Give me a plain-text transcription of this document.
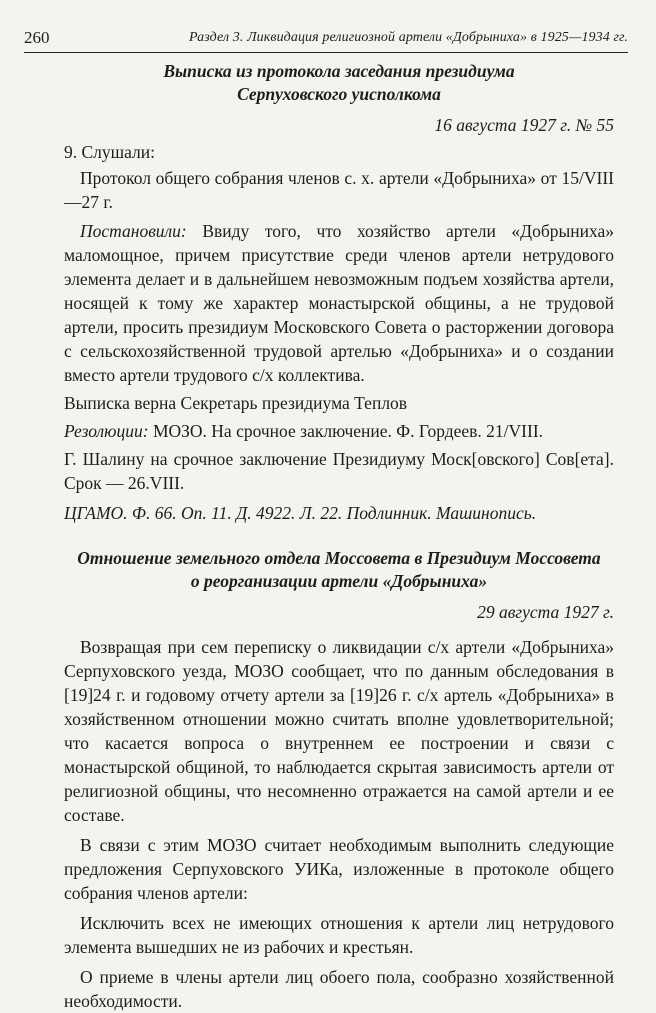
260	Раздел 3. Ликвидация религиозной артели «Добрыниха» в 1925—1934 гг.
Выписка из протокола заседания президиума
Серпуховского уисполкома
16 августа 1927 г. № 55

9. Слушали:

Протокол общего собрания членов с. х. артели «Добрыниха» от 15/VIII—27 г.

Постановили: Ввиду того, что хозяйство артели «Добрыниха» маломощное, причем присутствие среди членов артели нетрудового элемента делает и в дальнейшем невозможным подъем хозяйства артели, носящей к тому же характер монастырской общины, а не трудовой артели, просить президиум Московского Совета о расторжении договора с сельскохозяйственной трудовой артелью «Добрыниха» и о создании вместо артели трудового с/х коллектива.

Выписка верна Секретарь президиума Теплов

Резолюции: МОЗО. На срочное заключение. Ф. Гордеев. 21/VIII.

Г. Шалину на срочное заключение Президиуму Моск[овского] Сов[ета]. Срок — 26.VIII.

ЦГАМО. Ф. 66. Оп. 11. Д. 4922. Л. 22. Подлинник. Машинопись.

Отношение земельного отдела Моссовета в Президиум Моссовета
о реорганизации артели «Добрыниха»
29 августа 1927 г.

Возвращая при сем переписку о ликвидации с/х артели «Добрыниха» Серпуховского уезда, МОЗО сообщает, что по данным обследования в [19]24 г. и годовому отчету артели за [19]26 г. с/х артель «Добрыниха» в хозяйственном отношении можно считать вполне удовлетворительной; что касается вопроса о внутреннем ее построении и связи с монастырской общиной, то наблюдается скрытая зависимость артели от религиозной общины, что несомненно отражается на самой артели и ее составе.

В связи с этим МОЗО считает необходимым выполнить следующие предложения Серпуховского УИКа, изложенные в протоколе общего собрания членов артели:

Исключить всех не имеющих отношения к артели лиц нетрудового элемента вышедших не из рабочих и крестьян.

О приеме в члены артели лиц обоего пола, сообразно хозяйственной необходимости.
